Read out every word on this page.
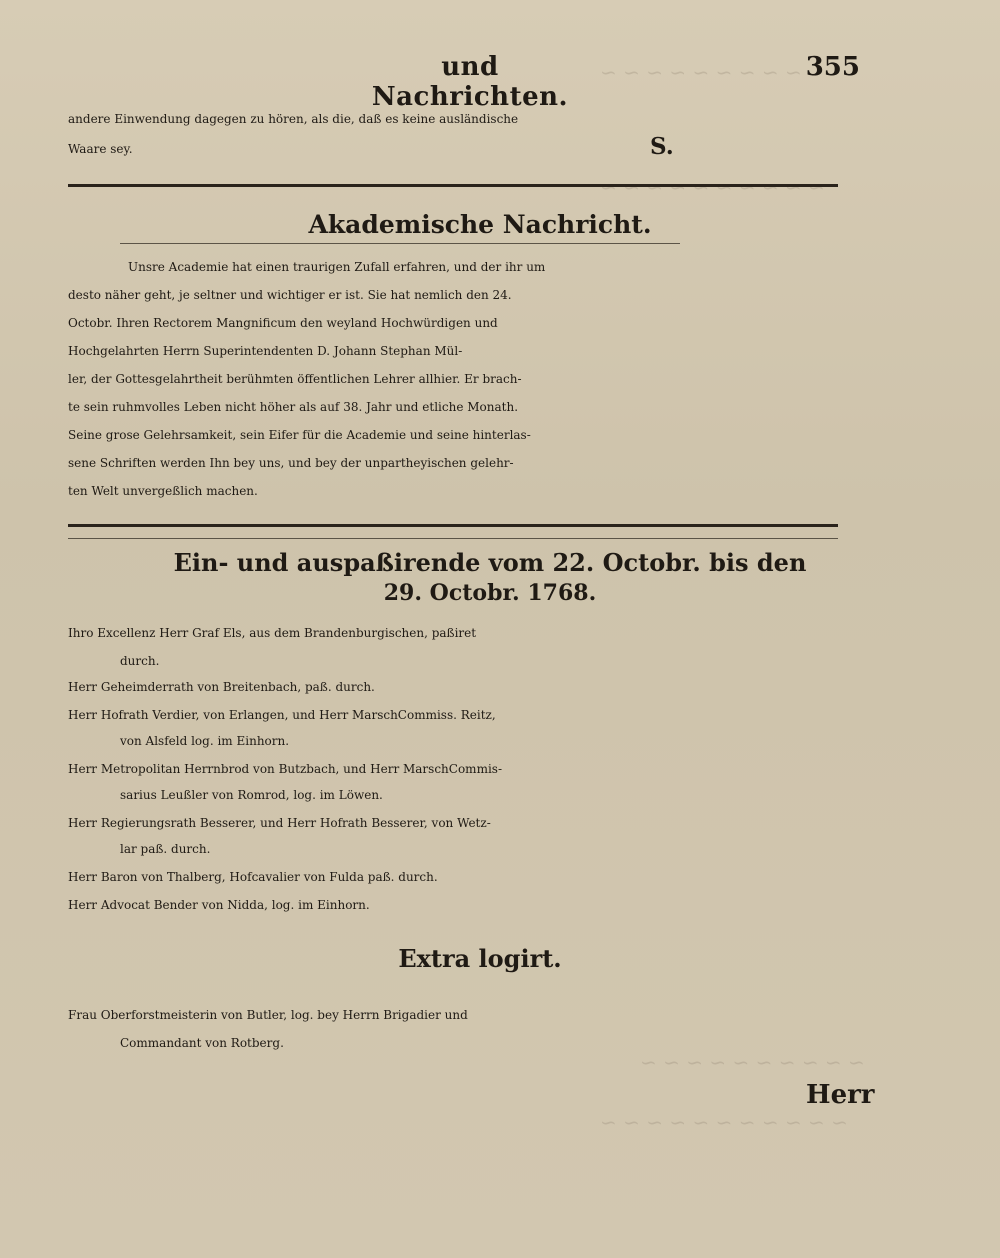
~ ~ ~ ~ ~ ~ ~ ~ ~
~ ~ ~ ~ ~ ~ ~ ~ ~ ~
~ ~ ~ ~ ~ ~ ~ ~ ~ ~
~ ~ ~ ~ ~ ~ ~ ~ ~ ~ ~
und Nachrichten.
355
andere Einwendung dagegen zu hören, als die, daß es keine ausländische
Waare sey.	S.
Akademische Nachricht.
Unsre Academie hat einen traurigen Zufall erfahren, und der ihr um
desto näher geht, je seltner und wichtiger er ist. Sie hat nemlich den 24.
Octobr. Ihren Rectorem Mangnificum den weyland Hochwürdigen und
Hochgelahrten Herrn Superintendenten D. Johann Stephan Mül-
ler, der Gottesgelahrtheit berühmten öffentlichen Lehrer allhier. Er brach-
te sein ruhmvolles Leben nicht höher als auf 38. Jahr und etliche Monath.
Seine grose Gelehrsamkeit, sein Eifer für die Academie und seine hinterlas-
sene Schriften werden Ihn bey uns, und bey der unpartheyischen gelehr-
ten Welt unvergeßlich machen.
Ein- und auspaßirende vom 22. Octobr. bis den
29. Octobr. 1768.
Ihro Excellenz Herr Graf Els, aus dem Brandenburgischen, paßiret
durch.
Herr Geheimderrath von Breitenbach, paß. durch.
Herr Hofrath Verdier, von Erlangen, und Herr MarschCommiss. Reitz,
von Alsfeld log. im Einhorn.
Herr Metropolitan Herrnbrod von Butzbach, und Herr MarschCommis-
sarius Leußler von Romrod, log. im Löwen.
Herr Regierungsrath Besserer, und Herr Hofrath Besserer, von Wetz-
lar paß. durch.
Herr Baron von Thalberg, Hofcavalier von Fulda paß. durch.
Herr Advocat Bender von Nidda, log. im Einhorn.
Extra logirt.
Frau Oberforstmeisterin von Butler, log. bey Herrn Brigadier und
Commandant von Rotberg.
Herr
